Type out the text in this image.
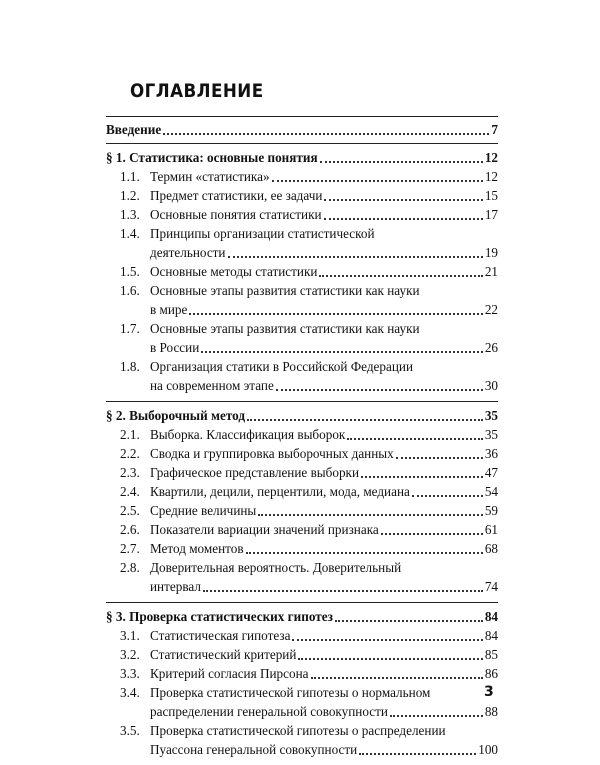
ОГЛАВЛЕНИЕ
Введение	7
§ 1. Статистика: основные понятия	12
1.1. Термин «статистика»	12
1.2. Предмет статистики, ее задачи	15
1.3. Основные понятия статистики	17
1.4. Принципы организации статистической
деятельности	19
1.5. Основные методы статистики	21
1.6. Основные этапы развития статистики как науки
в мире	22
1.7. Основные этапы развития статистики как науки
в России	26
1.8. Организация статики в Российской Федерации
на современном этапе	30
§ 2. Выборочный метод	35
2.1. Выборка. Классификация выборок	35
2.2. Сводка и группировка выборочных данных	36
2.3. Графическое представление выборки	47
2.4. Квартили, децили, перцентили, мода, медиана	54
2.5. Средние величины	59
2.6. Показатели вариации значений признака	61
2.7. Метод моментов	68
2.8. Доверительная вероятность. Доверительный
интервал	74
§ 3. Проверка статистических гипотез	84
3.1. Статистическая гипотеза	84
3.2. Статистический критерий	85
3.3. Критерий согласия Пирсона	86
3.4. Проверка статистической гипотезы о нормальном
распределении генеральной совокупности	88
3.5. Проверка статистической гипотезы о распределении
Пуассона генеральной совокупности	100
3
